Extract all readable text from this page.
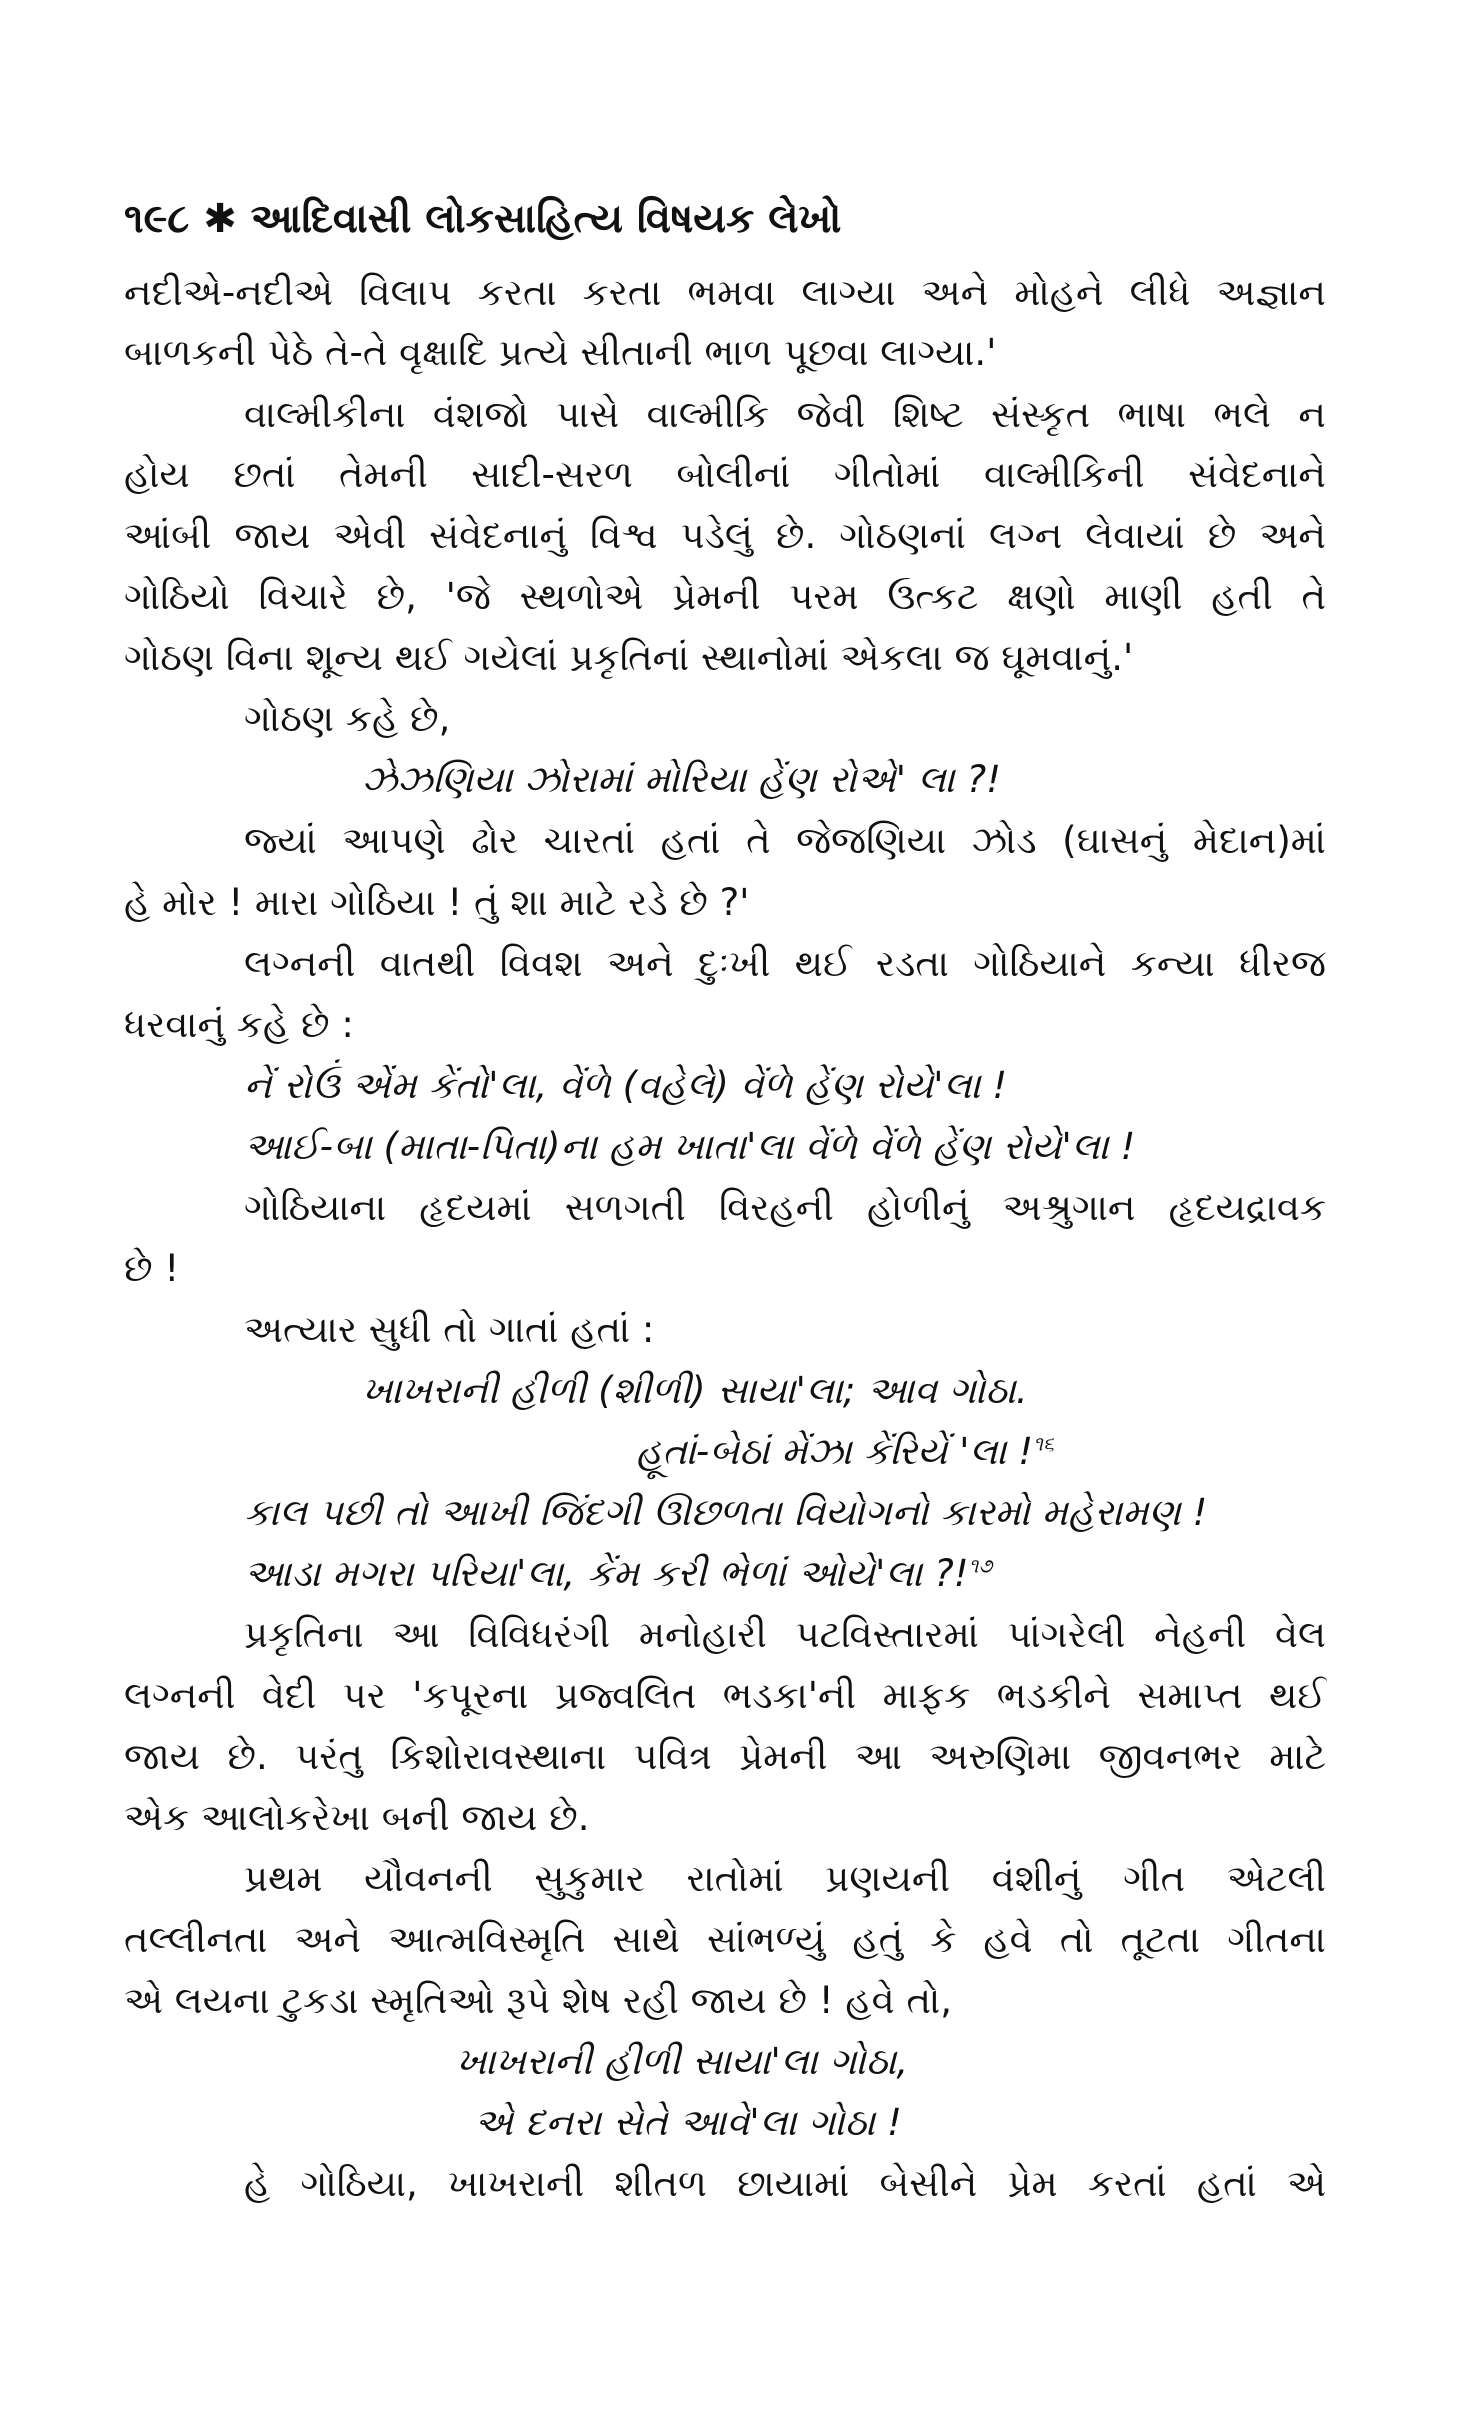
૧૯૮ ✱ આદિવાસી લોકસાહિત્ય વિષયક લેખો
નદીએ-નદીએ વિલાપ કરતા કરતા ભમવા લાગ્યા અને મોહને લીધે અજ્ઞાન
બાળકની પેઠે તે-તે વૃક્ષાદિ પ્રત્યે સીતાની ભાળ પૂછવા લાગ્યા.'
વાલ્મીકીના વંશજો પાસે વાલ્મીકિ જેવી શિષ્ટ સંસ્કૃત ભાષા ભલે ન
હોય છતાં તેમની સાદી-સરળ બોલીનાં ગીતોમાં વાલ્મીકિની સંવેદનાને
આંબી જાય એવી સંવેદનાનું વિશ્વ પડેલું છે. ગોઠણનાં લગ્ન લેવાયાં છે અને
ગોઠિયો વિચારે છે, 'જે સ્થળોએ પ્રેમની પરમ ઉત્કટ ક્ષણો માણી હતી તે
ગોઠણ વિના શૂન્ય થઈ ગયેલાં પ્રકૃતિનાં સ્થાનોમાં એકલા જ ઘૂમવાનું.'
ગોઠણ કહે છે,
ઝેઝણિયા ઝોરામાં મોરિયા હેંણ રોએ' લા ?!
જ્યાં આપણે ઢોર ચારતાં હતાં તે જેજણિયા ઝોડ (ઘાસનું મેદાન)માં
હે મોર ! મારા ગોઠિયા ! તું શા માટે રડે છે ?'
લગ્નની વાતથી વિવશ અને દુઃખી થઈ રડતા ગોઠિયાને કન્યા ધીરજ
ધરવાનું કહે છે :
નેં રોઉં એંમ કેંતો'લા, વેંળે (વહેલે) વેંળે હેંણ રોયે'લા !
આઈ-બા (માતા-પિતા)ના હમ ખાતા'લા વેંળે વેંળે હેંણ રોયે'લા !
ગોઠિયાના હૃદયમાં સળગતી વિરહની હોળીનું અશ્રુગાન હૃદયદ્રાવક
છે !
અત્યાર સુધી તો ગાતાં હતાં :
ખાખરાની હીળી (શીળી) સાયા'લા; આવ ગોઠા.
હૂતાં-બેઠાં મેંઝા કેંરિયેં 'લા !$^{૧૬}$
કાલ પછી તો આખી જિંદગી ઊછળતા વિયોગનો કારમો મહેરામણ !
આડા મગરા પરિયા'લા, કેંમ કરી ભેળાં ઓયે'લા ?!$^{૧૭}$
પ્રકૃતિના આ વિવિધરંગી મનોહારી પટવિસ્તારમાં પાંગરેલી નેહની વેલ
લગ્નની વેદી પર 'કપૂરના પ્રજ્વલિત ભડકા'ની માફક ભડકીને સમાપ્ત થઈ
જાય છે. પરંતુ કિશોરાવસ્થાના પવિત્ર પ્રેમની આ અરુણિમા જીવનભર માટે
એક આલોકરેખા બની જાય છે.
પ્રથમ યૌવનની સુકુમાર રાતોમાં પ્રણયની વંશીનું ગીત એટલી
તલ્લીનતા અને આત્મવિસ્મૃતિ સાથે સાંભળ્યું હતું કે હવે તો તૂટતા ગીતના
એ લયના ટુકડા સ્મૃતિઓ રૂપે શેષ રહી જાય છે ! હવે તો,
ખાખરાની હીળી સાયા'લા ગોઠા,
એ દનરા સેતે આવે'લા ગોઠા !
હે ગોઠિયા, ખાખરાની શીતળ છાયામાં બેસીને પ્રેમ કરતાં હતાં એ
